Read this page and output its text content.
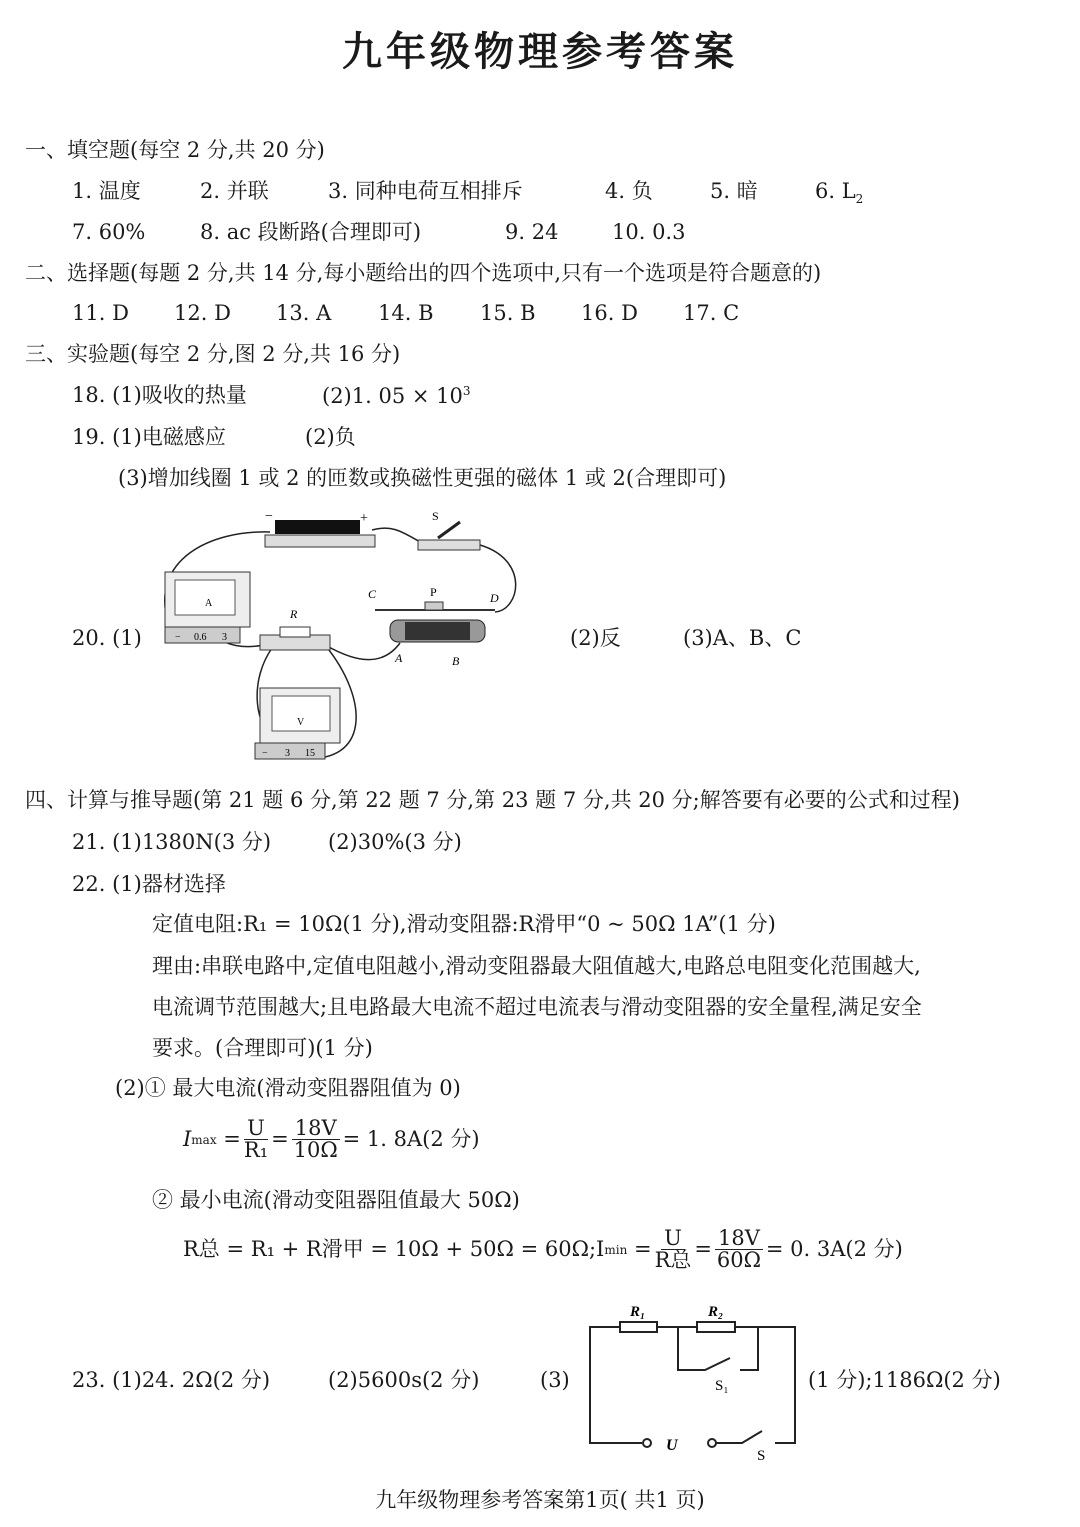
九年级物理参考答案
一、填空题(每空 2 分,共 20 分)
1. 温度	2. 并联	3. 同种电荷互相排斥	4. 负	5. 暗	6. $L_2$
7. 60%	8. ac 段断路(合理即可)	9. 24	10. 0.3
二、选择题(每题 2 分,共 14 分,每小题给出的四个选项中,只有一个选项是符合题意的)
11. D 12. D 13. A 14. B 15. B 16. D 17. C
三、实验题(每空 2 分,图 2 分,共 16 分)
18. (1)吸收的热量	(2)1. $05 \times 10^3$
19. (1)电磁感应	(2)负
(3)增加线圈 1 或 2 的匝数或换磁性更强的磁体 1 或 2(合理即可)
20. (1)	(2)反	(3)A、B、C
−	+	S
A
− 0.6 3
R
C	P	D
A	B
V
− 3 15
四、计算与推导题(第 21 题 6 分,第 22 题 7 分,第 23 题 7 分,共 20 分;解答要有必要的公式和过程)
21. (1)1380N(3 分)	(2)30%(3 分)
22. (1)器材选择
定值电阻:R₁ = 10Ω(1 分),滑动变阻器:R滑甲“0 ~ 50Ω 1A”(1 分)
理由:串联电路中,定值电阻越小,滑动变阻器最大阻值越大,电路总电阻变化范围越大,
电流调节范围越大;且电路最大电流不超过电流表与滑动变阻器的安全量程,满足安全
要求。(合理即可)(1 分)
(2)① 最大电流(滑动变阻器阻值为 0)
I $\max = \frac{U}{\text{R₁}} = \frac{18V}{10\Omega} = 1$. 8A(2 分)
② 最小电流(滑动变阻器阻值最大 50Ω)
R总 = R₁ + R滑甲 = 10Ω + 50Ω = 60Ω;I $\min = \frac{U}{\text{R总}} = \frac{18V}{60\Omega} = 0$. 3A(2 分)
23. (1)24. 2Ω(2 分)	(2)5600s(2 分)	(3)	(1 分);1186Ω(2 分)
R₁	R₂
S₁
U
S
九年级物理参考答案第1页( 共1 页)
